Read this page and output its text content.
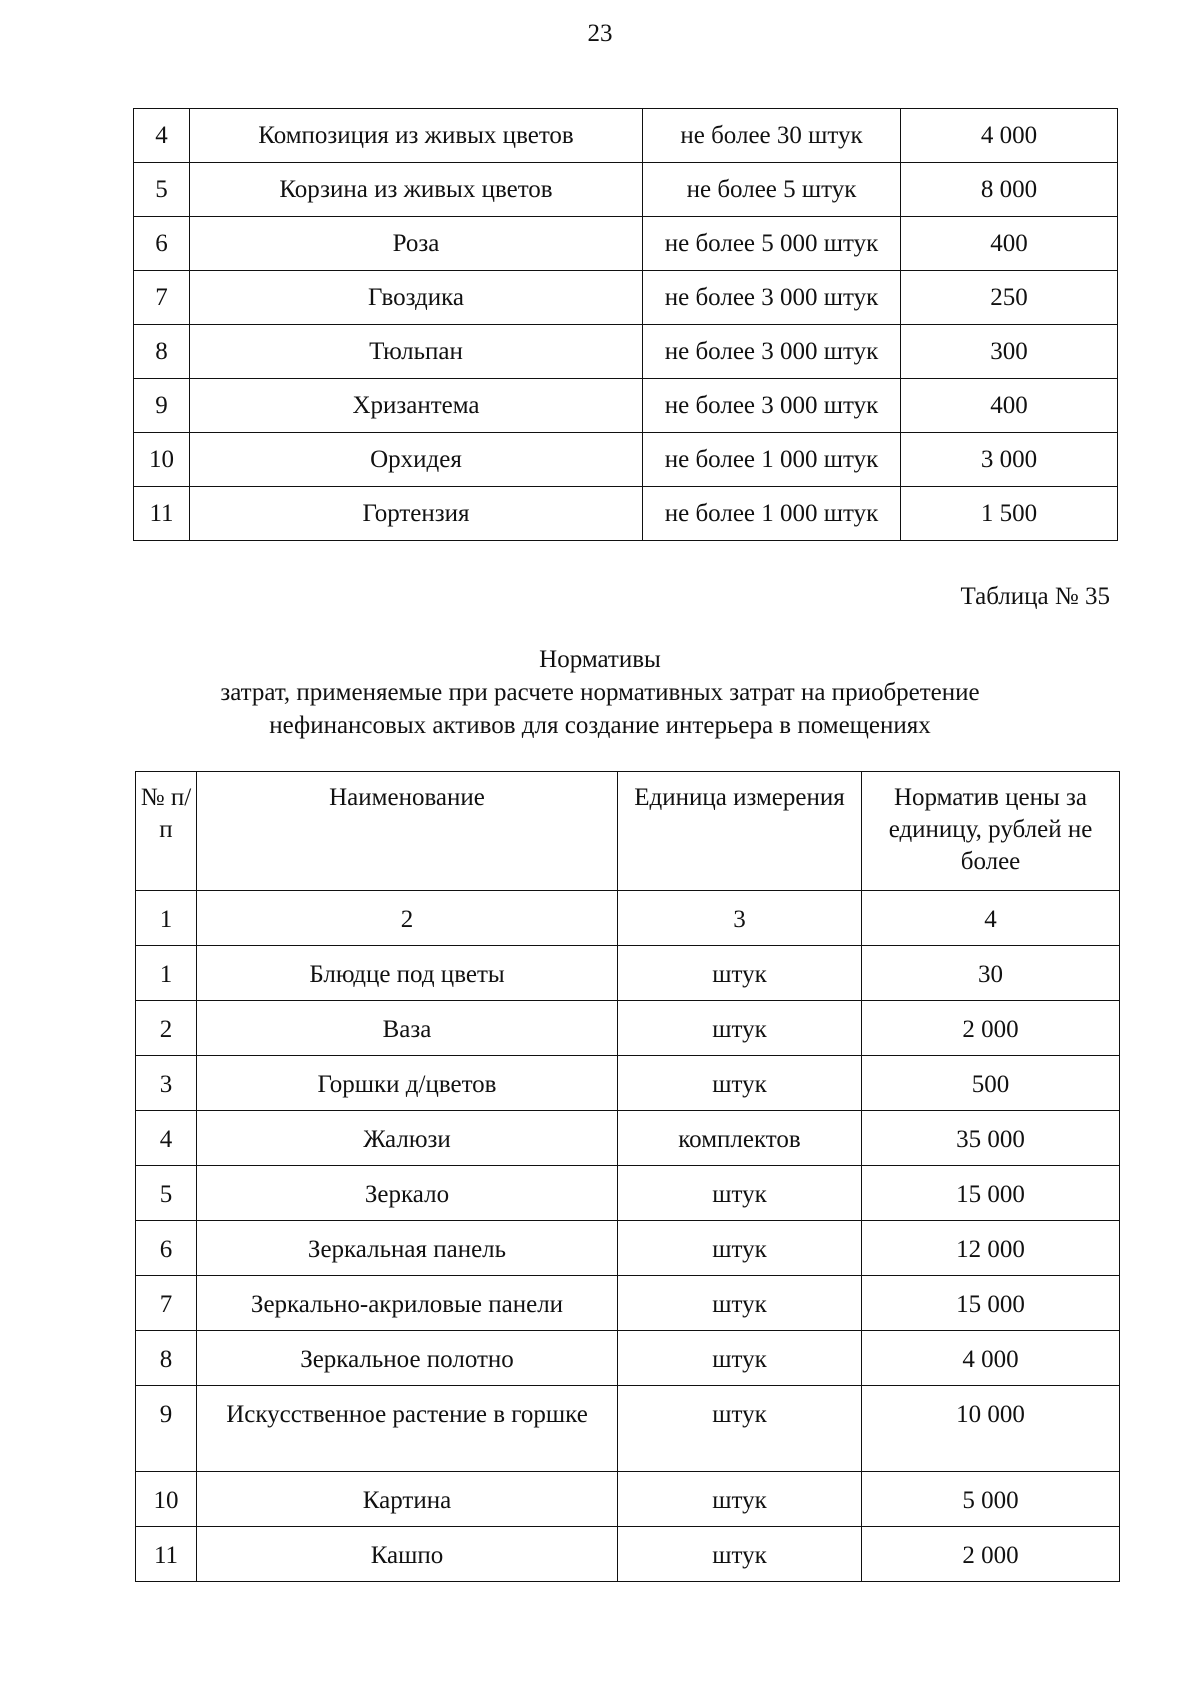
23
4	Композиция из живых цветов	не более 30 штук	4 000
5	Корзина из живых цветов	не более 5 штук	8 000
6	Роза	не более 5 000 штук	400
7	Гвоздика	не более 3 000 штук	250
8	Тюльпан	не более 3 000 штук	300
9	Хризантема	не более 3 000 штук	400
10	Орхидея	не более 1 000 штук	3 000
11	Гортензия	не более 1 000 штук	1 500
Таблица № 35
Нормативы
затрат, применяемые при расчете нормативных затрат на приобретение
нефинансовых активов для создание интерьера в помещениях
№ п/п	Наименование	Единица измерения	Норматив цены за единицу, рублей не более
1	2	3	4
1	Блюдце под цветы	штук	30
2	Ваза	штук	2 000
3	Горшки д/цветов	штук	500
4	Жалюзи	комплектов	35 000
5	Зеркало	штук	15 000
6	Зеркальная панель	штук	12 000
7	Зеркально-акриловые панели	штук	15 000
8	Зеркальное полотно	штук	4 000
9	Искусственное растение в горшке	штук	10 000
10	Картина	штук	5 000
11	Кашпо	штук	2 000
